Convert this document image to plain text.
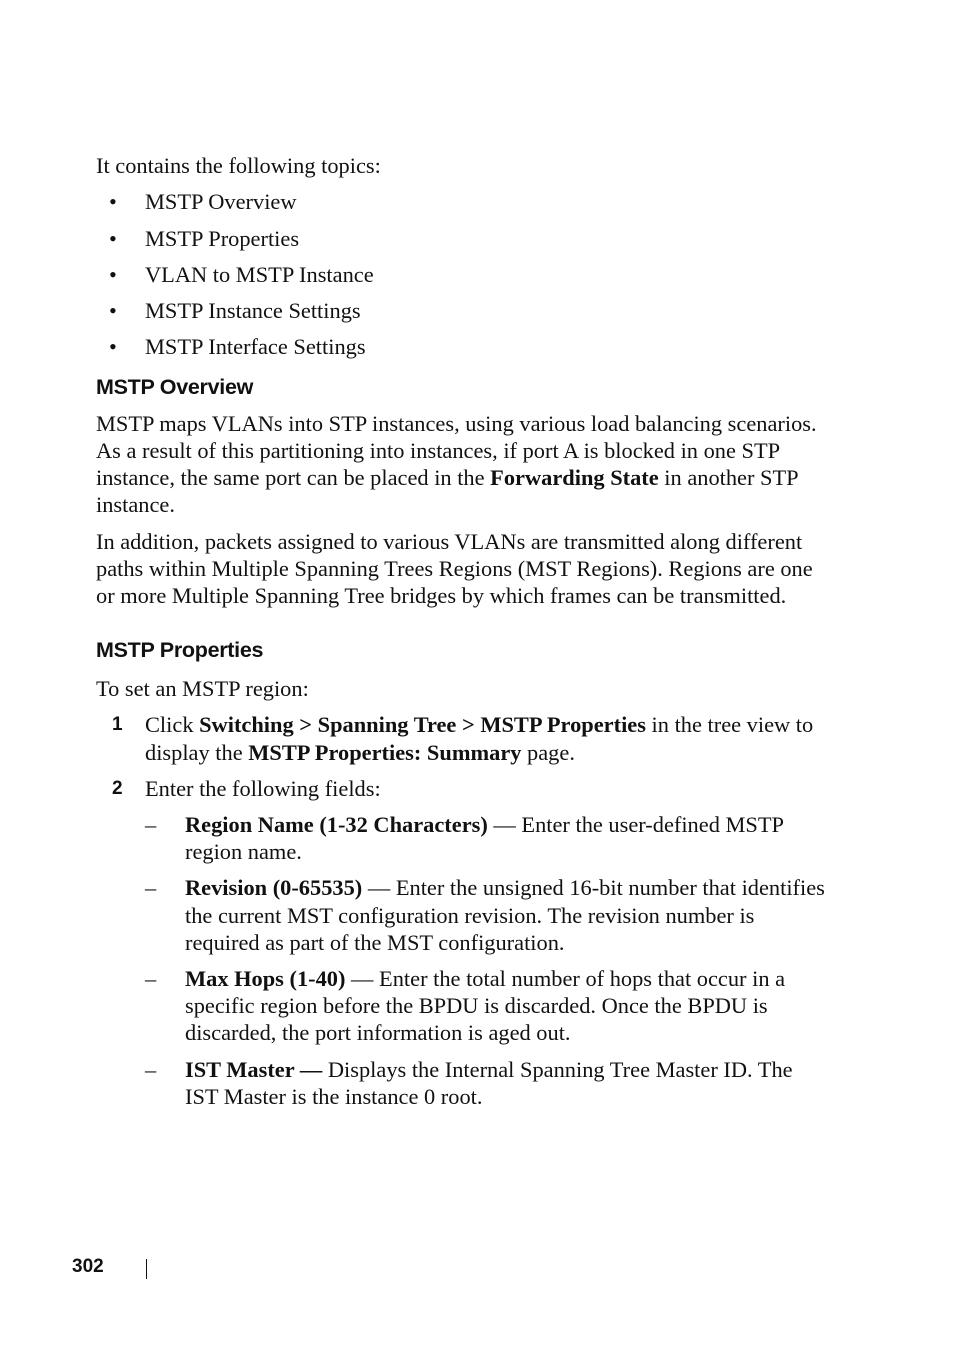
It contains the following topics:

• MSTP Overview
• MSTP Properties
• VLAN to MSTP Instance
• MSTP Instance Settings
• MSTP Interface Settings
MSTP Overview

MSTP maps VLANs into STP instances, using various load balancing scenarios. As a result of this partitioning into instances, if port A is blocked in one STP instance, the same port can be placed in the Forwarding State in another STP instance.

In addition, packets assigned to various VLANs are transmitted along different paths within Multiple Spanning Trees Regions (MST Regions). Regions are one or more Multiple Spanning Tree bridges by which frames can be transmitted.

MSTP Properties

To set an MSTP region:

1 Click Switching > Spanning Tree > MSTP Properties in the tree view to display the MSTP Properties: Summary page.

2 Enter the following fields:

– Region Name (1-32 Characters) — Enter the user-defined MSTP region name.

– Revision (0-65535) — Enter the unsigned 16-bit number that identifies the current MST configuration revision. The revision number is required as part of the MST configuration.

– Max Hops (1-40) — Enter the total number of hops that occur in a specific region before the BPDU is discarded. Once the BPDU is discarded, the port information is aged out.

– IST Master — Displays the Internal Spanning Tree Master ID. The IST Master is the instance 0 root.

302
